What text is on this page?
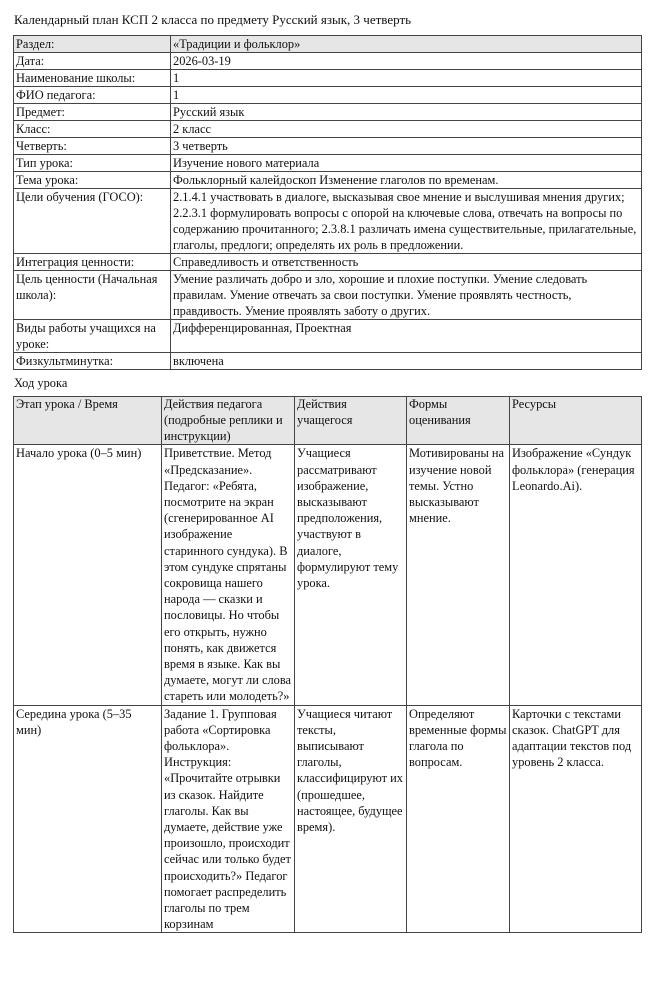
Календарный план КСП 2 класса по предмету Русский язык, 3 четверть
Раздел:	«Традиции и фольклор»
Дата:	2026-03-19
Наименование школы:	1
ФИО педагога:	1
Предмет:	Русский язык
Класс:	2 класс
Четверть:	3 четверть
Тип урока:	Изучение нового материала
Тема урока:	Фольклорный калейдоскоп Изменение глаголов по временам.
Цели обучения (ГОСО):	2.1.4.1 участвовать в диалоге, высказывая свое мнение и выслушивая мнения других; 2.2.3.1 формулировать вопросы с опорой на ключевые слова, отвечать на вопросы по содержанию прочитанного; 2.3.8.1 различать имена существительные, прилагательные, глаголы, предлоги; определять их роль в предложении.
Интеграция ценности:	Справедливость и ответственность
Цель ценности (Начальная школа):	Умение различать добро и зло, хорошие и плохие поступки. Умение следовать правилам. Умение отвечать за свои поступки. Умение проявлять честность, правдивость. Умение проявлять заботу о других.
Виды работы учащихся на уроке:	Дифференцированная, Проектная
Физкультминутка:	включена
Ход урока
Этап урока / Время	Действия педагога (подробные реплики и инструкции)	Действия учащегося	Формы оценивания	Ресурсы
Начало урока (0–5 мин)	Приветствие. Метод «Предсказание». Педагог: «Ребята, посмотрите на экран (сгенерированное AI изображение старинного сундука). В этом сундуке спрятаны сокровища нашего народа — сказки и пословицы. Но чтобы его открыть, нужно понять, как движется время в языке. Как вы думаете, могут ли слова стареть или молодеть?»	Учащиеся рассматривают изображение, высказывают предположения, участвуют в диалоге, формулируют тему урока.	Мотивированы на изучение новой темы. Устно высказывают мнение.	Изображение «Сундук фольклора» (генерация Leonardo.Ai).
Середина урока (5–35 мин)	Задание 1. Групповая работа «Сортировка фольклора». Инструкция: «Прочитайте отрывки из сказок. Найдите глаголы. Как вы думаете, действие уже произошло, происходит сейчас или только будет происходить?» Педагог помогает распределить глаголы по трем корзинам	Учащиеся читают тексты, выписывают глаголы, классифицируют их (прошедшее, настоящее, будущее время).	Определяют временные формы глагола по вопросам.	Карточки с текстами сказок. ChatGPT для адаптации текстов под уровень 2 класса.
